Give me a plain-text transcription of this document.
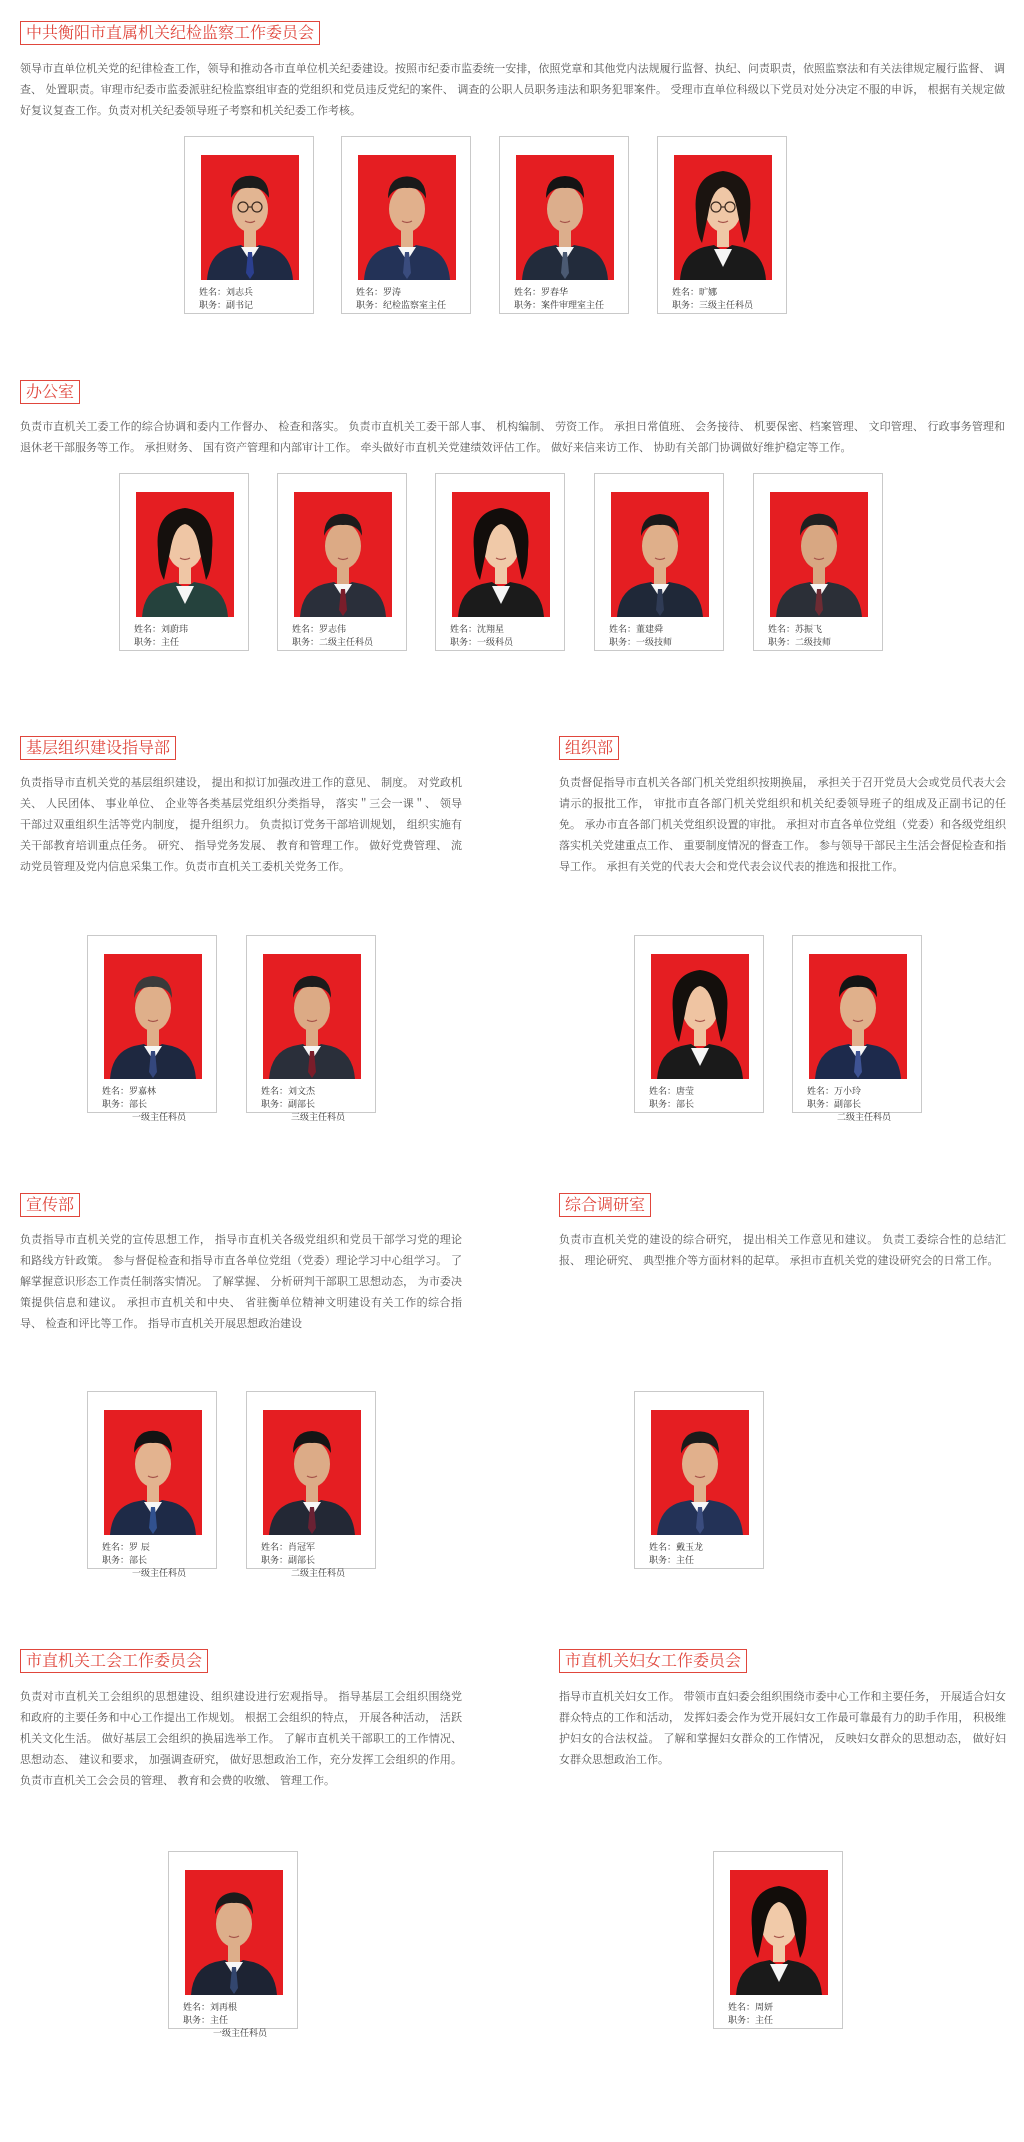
中共衡阳市直属机关纪检监察工作委员会
领导市直单位机关党的纪律检查工作，领导和推动各市直单位机关纪委建设。按照市纪委市监委统一安排，依照党章和其他党内法规履行监督、执纪、问责职责，依照监察法和有关法律规定履行监督、 调查、 处置职责。审理市纪委市监委派驻纪检监察组审查的党组织和党员违反党纪的案件、 调查的公职人员职务违法和职务犯罪案件。 受理市直单位科级以下党员对处分决定不服的申诉， 根据有关规定做好复议复查工作。负责对机关纪委领导班子考察和机关纪委工作考核。
姓名： 刘志兵
职务： 副书记
姓名： 罗涛
职务： 纪检监察室主任
姓名： 罗春华
职务： 案件审理室主任
姓名： 旷娜
职务： 三级主任科员
办公室
负责市直机关工委工作的综合协调和委内工作督办、 检查和落实。 负责市直机关工委干部人事、 机构编制、 劳资工作。 承担日常值班、 会务接待、 机要保密、档案管理、 文印管理、 行政事务管理和退休老干部服务等工作。 承担财务、 国有资产管理和内部审计工作。 牵头做好市直机关党建绩效评估工作。 做好来信来访工作、 协助有关部门协调做好维护稳定等工作。
姓名： 刘蔚玮
职务： 主任
姓名： 罗志伟
职务： 二级主任科员
姓名： 沈翔星
职务： 一级科员
姓名： 董建舜
职务： 一级技师
姓名： 苏振飞
职务： 二级技师
基层组织建设指导部
负责指导市直机关党的基层组织建设， 提出和拟订加强改进工作的意见、 制度。 对党政机关、 人民团体、 事业单位、 企业等各类基层党组织分类指导， 落实＂三会一课＂、 领导干部过双重组织生活等党内制度， 提升组织力。 负责拟订党务干部培训规划， 组织实施有关干部教育培训重点任务。 研究、 指导党务发展、 教育和管理工作。 做好党费管理、 流动党员管理及党内信息采集工作。负责市直机关工委机关党务工作。
组织部
负责督促指导市直机关各部门机关党组织按期换届， 承担关于召开党员大会或党员代表大会请示的报批工作， 审批市直各部门机关党组织和机关纪委领导班子的组成及正副书记的任免。 承办市直各部门机关党组织设置的审批。 承担对市直各单位党组（党委）和各级党组织落实机关党建重点工作、 重要制度情况的督查工作。 参与领导干部民主生活会督促检查和指导工作。 承担有关党的代表大会和党代表会议代表的推选和报批工作。
姓名： 罗嘉林
职务： 部长
一级主任科员
姓名： 刘文杰
职务： 副部长
三级主任科员
姓名： 唐莹
职务： 部长
姓名： 万小玲
职务： 副部长
二级主任科员
宣传部
负责指导市直机关党的宣传思想工作， 指导市直机关各级党组织和党员干部学习党的理论和路线方针政策。 参与督促检查和指导市直各单位党组（党委）理论学习中心组学习。 了解掌握意识形态工作责任制落实情况。 了解掌握、 分析研判干部职工思想动态， 为市委决策提供信息和建议。 承担市直机关和中央、 省驻衡单位精神文明建设有关工作的综合指导、 检查和评比等工作。 指导市直机关开展思想政治建设
综合调研室
负责市直机关党的建设的综合研究， 提出相关工作意见和建议。 负责工委综合性的总结汇报、 理论研究、 典型推介等方面材料的起草。 承担市直机关党的建设研究会的日常工作。
姓名： 罗 辰
职务： 部长
一级主任科员
姓名： 肖冠军
职务： 副部长
二级主任科员
姓名： 戴玉龙
职务： 主任
市直机关工会工作委员会
负责对市直机关工会组织的思想建设、组织建设进行宏观指导。 指导基层工会组织围绕党和政府的主要任务和中心工作提出工作规划。 根据工会组织的特点， 开展各种活动， 活跃机关文化生活。 做好基层工会组织的换届选举工作。 了解市直机关干部职工的工作情况、 思想动态、 建议和要求， 加强调查研究， 做好思想政治工作，充分发挥工会组织的作用。负责市直机关工会会员的管理、 教育和会费的收缴、 管理工作。
市直机关妇女工作委员会
指导市直机关妇女工作。 带领市直妇委会组织围绕市委中心工作和主要任务， 开展适合妇女群众特点的工作和活动， 发挥妇委会作为党开展妇女工作最可靠最有力的助手作用， 积极维护妇女的合法权益。 了解和掌握妇女群众的工作情况， 反映妇女群众的思想动态， 做好妇女群众思想政治工作。
姓名： 刘再根
职务： 主任
一级主任科员
姓名： 周妍
职务： 主任
